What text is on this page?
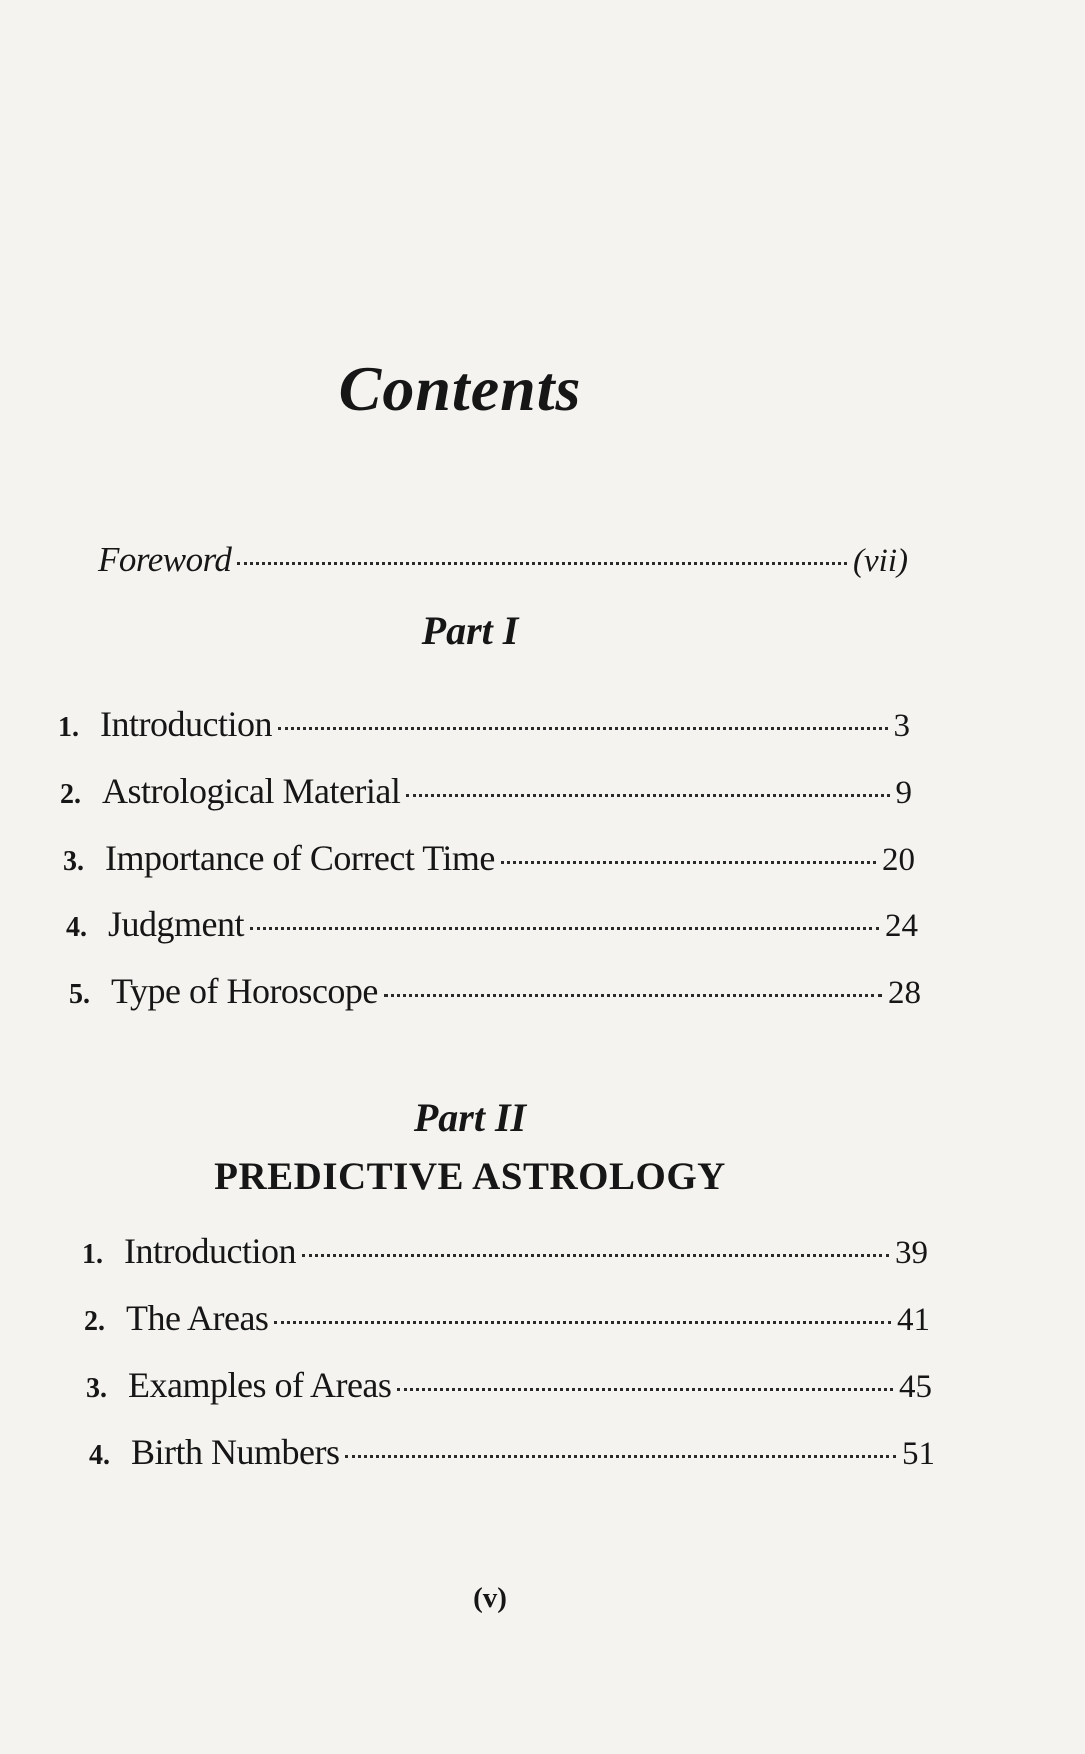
Contents
Foreword	(vii)
Part I
1. Introduction	3
2. Astrological Material	9
3. Importance of Correct Time	20
4. Judgment	24
5. Type of Horoscope	28
Part II
PREDICTIVE ASTROLOGY
1. Introduction	39
2. The Areas	41
3. Examples of Areas	45
4. Birth Numbers	51
(v)
